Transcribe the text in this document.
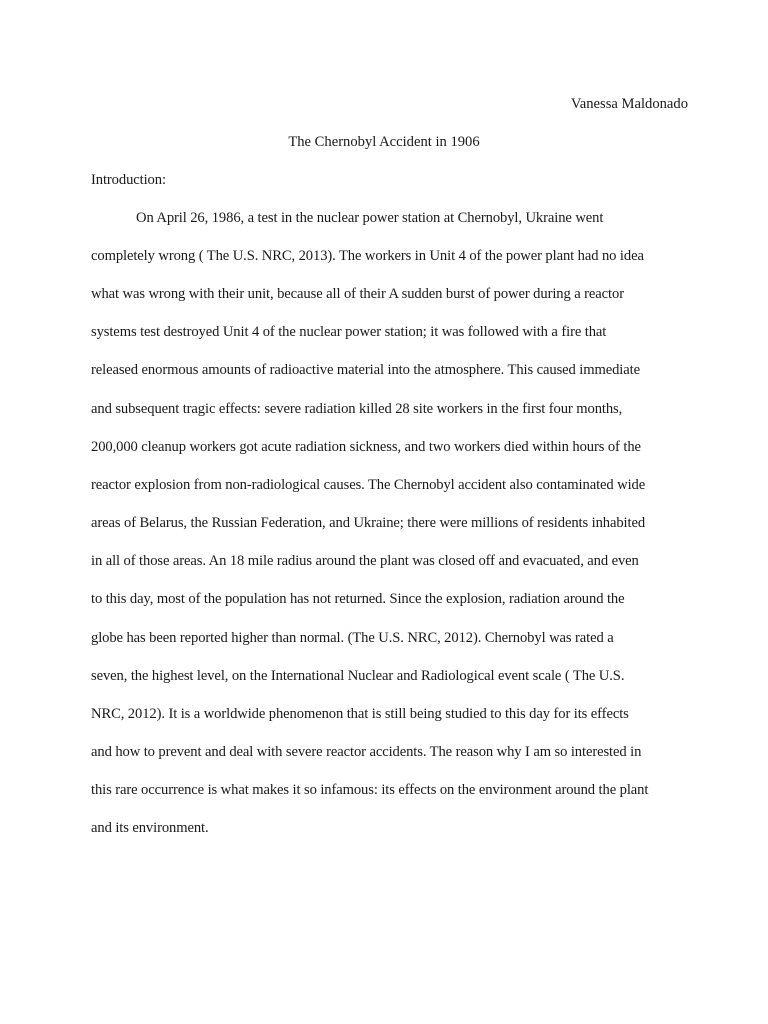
Vanessa Maldonado
The Chernobyl Accident in 1906
Introduction:
On April 26, 1986, a test in the nuclear power station at Chernobyl, Ukraine went
completely wrong ( The U.S. NRC, 2013). The workers in Unit 4 of the power plant had no idea
what was wrong with their unit, because all of their A sudden burst of power during a reactor
systems test destroyed Unit 4 of the nuclear power station; it was followed with a fire that
released enormous amounts of radioactive material into the atmosphere. This caused immediate
and subsequent tragic effects: severe radiation killed 28 site workers in the first four months,
200,000 cleanup workers got acute radiation sickness, and two workers died within hours of the
reactor explosion from non-radiological causes. The Chernobyl accident also contaminated wide
areas of Belarus, the Russian Federation, and Ukraine; there were millions of residents inhabited
in all of those areas. An 18 mile radius around the plant was closed off and evacuated, and even
to this day, most of the population has not returned. Since the explosion, radiation around the
globe has been reported higher than normal. (The U.S. NRC, 2012). Chernobyl was rated a
seven, the highest level, on the International Nuclear and Radiological event scale ( The U.S.
NRC, 2012). It is a worldwide phenomenon that is still being studied to this day for its effects
and how to prevent and deal with severe reactor accidents. The reason why I am so interested in
this rare occurrence is what makes it so infamous: its effects on the environment around the plant
and its environment.
